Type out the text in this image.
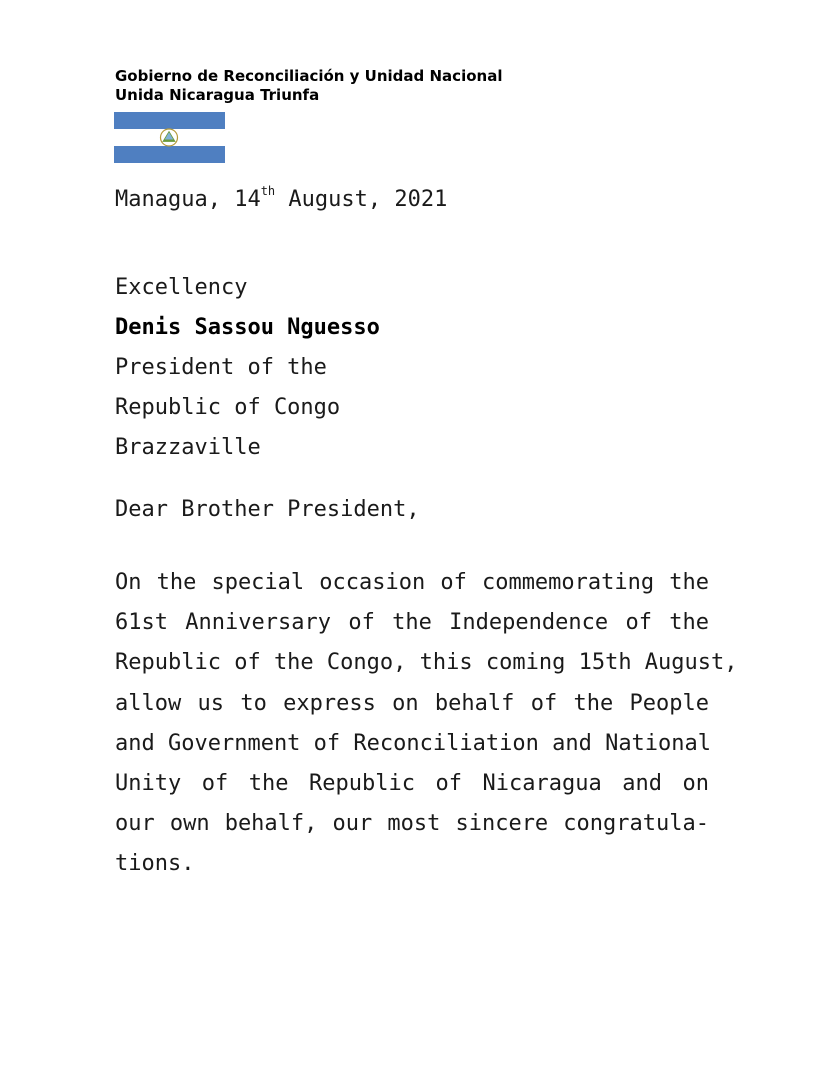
Gobierno de Reconciliación y Unidad Nacional
Unida Nicaragua Triunfa

Managua, 14th August, 2021

Excellency
Denis Sassou Nguesso
President of the
Republic of Congo
Brazzaville

Dear Brother President,

On the special occasion of commemorating the
61st Anniversary of the Independence of the
Republic of the Congo, this coming 15th August,
allow us to express on behalf of the People
and Government of Reconciliation and National
Unity of the Republic of Nicaragua and on
our own behalf, our most sincere congratula-
tions.
